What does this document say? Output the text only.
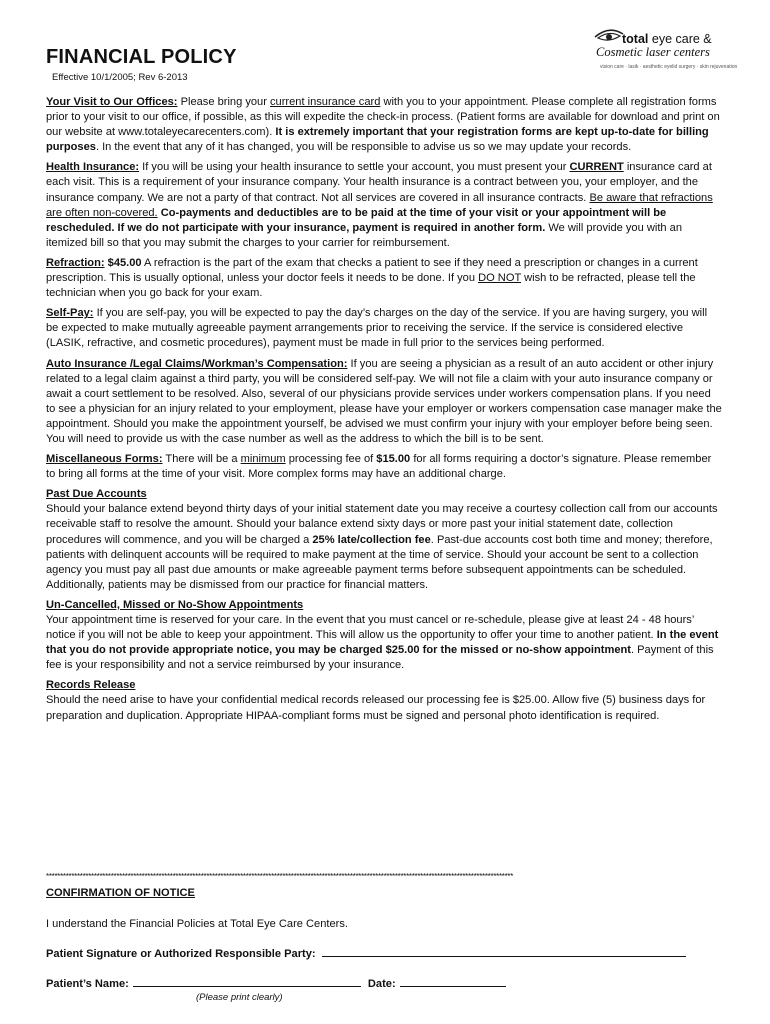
FINANCIAL POLICY
Effective 10/1/2005; Rev 6-2013
total eye care &
Cosmetic laser centers
vision care · lasik · aesthetic eyelid surgery · skin rejuvenation

Your Visit to Our Offices: Please bring your current insurance card with you to your appointment. Please complete all registration forms prior to your visit to our office, if possible, as this will expedite the check-in process. (Patient forms are available for download and print on our website at www.totaleyecarecenters.com). It is extremely important that your registration forms are kept up-to-date for billing purposes. In the event that any of it has changed, you will be responsible to advise us so we may update your records.

Health Insurance: If you will be using your health insurance to settle your account, you must present your CURRENT insurance card at each visit. This is a requirement of your insurance company. Your health insurance is a contract between you, your employer, and the insurance company. We are not a party of that contract. Not all services are covered in all insurance contracts. Be aware that refractions are often non-covered. Co-payments and deductibles are to be paid at the time of your visit or your appointment will be rescheduled. If we do not participate with your insurance, payment is required in another form. We will provide you with an itemized bill so that you may submit the charges to your carrier for reimbursement.

Refraction: $45.00 A refraction is the part of the exam that checks a patient to see if they need a prescription or changes in a current prescription. This is usually optional, unless your doctor feels it needs to be done. If you DO NOT wish to be refracted, please tell the technician when you go back for your exam.

Self-Pay: If you are self-pay, you will be expected to pay the day’s charges on the day of the service. If you are having surgery, you will be expected to make mutually agreeable payment arrangements prior to receiving the service. If the service is considered elective (LASIK, refractive, and cosmetic procedures), payment must be made in full prior to the services being performed.

Auto Insurance /Legal Claims/Workman’s Compensation: If you are seeing a physician as a result of an auto accident or other injury related to a legal claim against a third party, you will be considered self-pay. We will not file a claim with your auto insurance company or await a court settlement to be resolved. Also, several of our physicians provide services under workers compensation plans. If you need to see a physician for an injury related to your employment, please have your employer or workers compensation case manager make the appointment. Should you make the appointment yourself, be advised we must confirm your injury with your employer before being seen. You will need to provide us with the case number as well as the address to which the bill is to be sent.

Miscellaneous Forms: There will be a minimum processing fee of $15.00 for all forms requiring a doctor’s signature. Please remember to bring all forms at the time of your visit. More complex forms may have an additional charge.

Past Due Accounts
Should your balance extend beyond thirty days of your initial statement date you may receive a courtesy collection call from our accounts receivable staff to resolve the amount. Should your balance extend sixty days or more past your initial statement date, collection procedures will commence, and you will be charged a 25% late/collection fee. Past-due accounts cost both time and money; therefore, patients with delinquent accounts will be required to make payment at the time of service. Should your account be sent to a collection agency you must pay all past due amounts or make agreeable payment terms before subsequent appointments can be scheduled. Additionally, patients may be dismissed from our practice for financial matters.

Un-Cancelled, Missed or No-Show Appointments
Your appointment time is reserved for your care. In the event that you must cancel or re-schedule, please give at least 24 - 48 hours’ notice if you will not be able to keep your appointment. This will allow us the opportunity to offer your time to another patient. In the event that you do not provide appropriate notice, you may be charged $25.00 for the missed or no-show appointment. Payment of this fee is your responsibility and not a service reimbursed by your insurance.

Records Release
Should the need arise to have your confidential medical records released our processing fee is $25.00. Allow five (5) business days for preparation and duplication. Appropriate HIPAA-compliant forms must be signed and personal photo identification is required.

**********************************************************************************************************************************************************************
CONFIRMATION OF NOTICE
I understand the Financial Policies at Total Eye Care Centers.
Patient Signature or Authorized Responsible Party:
Patient’s Name:	Date:
(Please print clearly)
